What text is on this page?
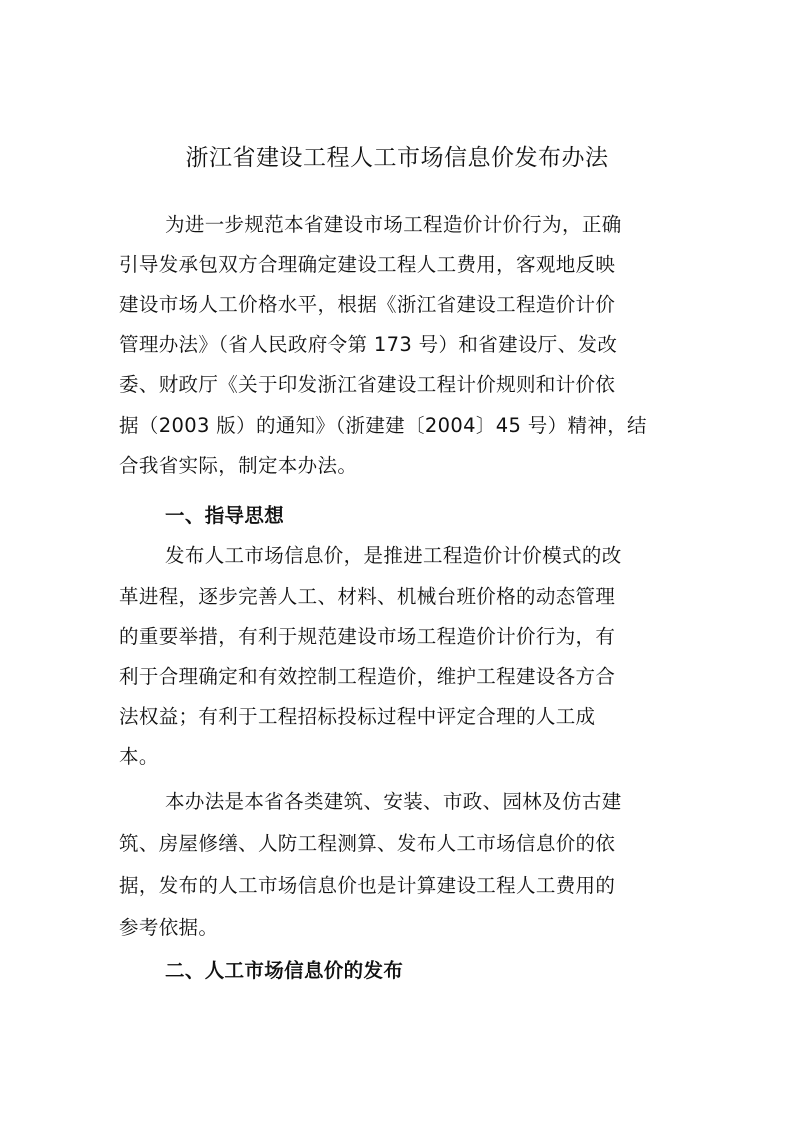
浙江省建设工程人工市场信息价发布办法
为进一步规范本省建设市场工程造价计价行为，正确
引导发承包双方合理确定建设工程人工费用，客观地反映
建设市场人工价格水平，根据《浙江省建设工程造价计价
管理办法》（省人民政府令第 173 号）和省建设厅、发改
委、财政厅《关于印发浙江省建设工程计价规则和计价依
据（2003 版）的通知》（浙建建〔2004〕45 号）精神，结
合我省实际，制定本办法。
一、指导思想
发布人工市场信息价，是推进工程造价计价模式的改
革进程，逐步完善人工、材料、机械台班价格的动态管理
的重要举措，有利于规范建设市场工程造价计价行为，有
利于合理确定和有效控制工程造价，维护工程建设各方合
法权益；有利于工程招标投标过程中评定合理的人工成
本。
本办法是本省各类建筑、安装、市政、园林及仿古建
筑、房屋修缮、人防工程测算、发布人工市场信息价的依
据，发布的人工市场信息价也是计算建设工程人工费用的
参考依据。
二、人工市场信息价的发布
